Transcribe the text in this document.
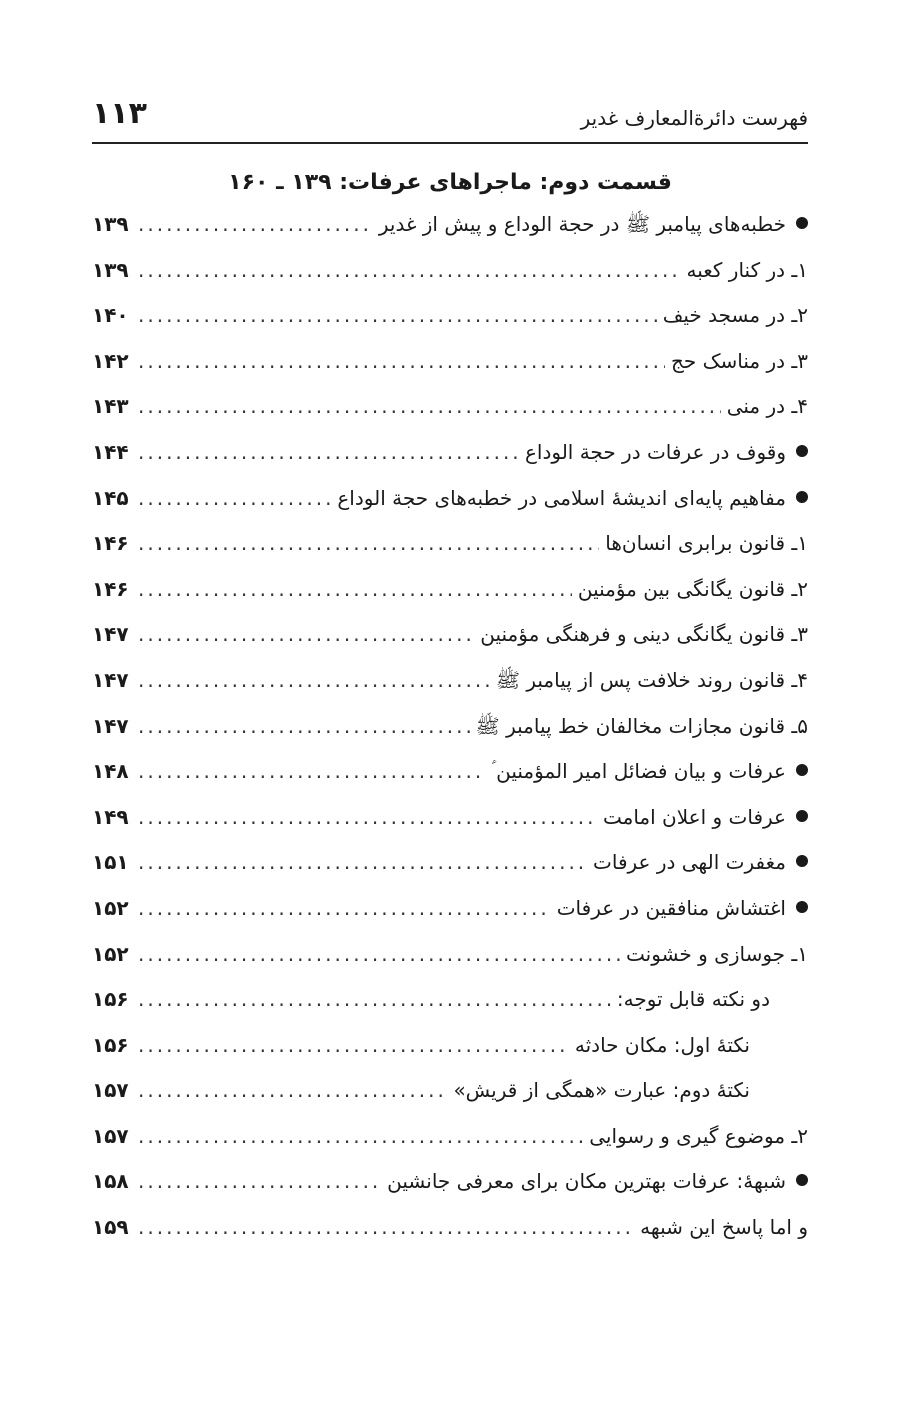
فهرست دائرةالمعارف غدیر
۱۱۳
قسمت دوم: ماجراهای عرفات: ۱۳۹ ـ ۱۶۰
خطبه‌های پیامبر ﷺ در حجة الوداع و پیش از غدیر
.....
۱۳۹
۱ـ در کنار کعبه
.....
۱۳۹
۲ـ در مسجد خیف
.....
۱۴۰
۳ـ در مناسک حج
.....
۱۴۲
۴ـ در منی
.....
۱۴۳
وقوف در عرفات در حجة الوداع
.....
۱۴۴
مفاهیم پایه‌ای اندیشهٔ اسلامی در خطبه‌های حجة الوداع
.....
۱۴۵
۱ـ قانون برابری انسان‌ها
.....
۱۴۶
۲ـ قانون یگانگی بین مؤمنین
.....
۱۴۶
۳ـ قانون یگانگی دینی و فرهنگی مؤمنین
.....
۱۴۷
۴ـ قانون روند خلافت پس از پیامبر ﷺ
.....
۱۴۷
۵ـ قانون مجازات مخالفان خط پیامبر ﷺ
.....
۱۴۷
عرفات و بیان فضائل امیر المؤمنین ؑ
.....
۱۴۸
عرفات و اعلان امامت
.....
۱۴۹
مغفرت الهی در عرفات
.....
۱۵۱
اغتشاش منافقین در عرفات
.....
۱۵۲
۱ـ جوسازی و خشونت
.....
۱۵۲
دو نکته قابل توجه:
.....
۱۵۶
نکتهٔ اول: مکان حادثه
.....
۱۵۶
نکتهٔ دوم: عبارت «همگی از قریش»
.....
۱۵۷
۲ـ موضوع گیری و رسوایی
.....
۱۵۷
شبههٔ: عرفات بهترین مکان برای معرفی جانشین
.....
۱۵۸
و اما پاسخ این شبهه
.....
۱۵۹
